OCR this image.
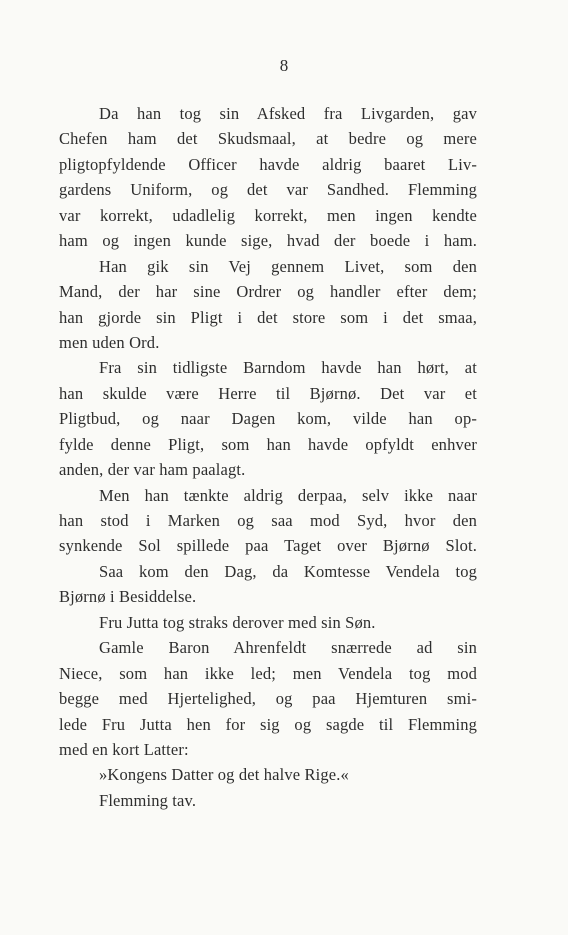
8
Da han tog sin Afsked fra Livgarden, gav
Chefen ham det Skudsmaal, at bedre og mere
pligtopfyldende Officer havde aldrig baaret Liv-
gardens Uniform, og det var Sandhed. Flemming
var korrekt, udadlelig korrekt, men ingen kendte
ham og ingen kunde sige, hvad der boede i ham.
Han gik sin Vej gennem Livet, som den
Mand, der har sine Ordrer og handler efter dem;
han gjorde sin Pligt i det store som i det smaa,
men uden Ord.
Fra sin tidligste Barndom havde han hørt, at
han skulde være Herre til Bjørnø. Det var et
Pligtbud, og naar Dagen kom, vilde han op-
fylde denne Pligt, som han havde opfyldt enhver
anden, der var ham paalagt.
Men han tænkte aldrig derpaa, selv ikke naar
han stod i Marken og saa mod Syd, hvor den
synkende Sol spillede paa Taget over Bjørnø Slot.
Saa kom den Dag, da Komtesse Vendela tog
Bjørnø i Besiddelse.
Fru Jutta tog straks derover med sin Søn.
Gamle Baron Ahrenfeldt snærrede ad sin
Niece, som han ikke led; men Vendela tog mod
begge med Hjertelighed, og paa Hjemturen smi-
lede Fru Jutta hen for sig og sagde til Flemming
med en kort Latter:
»Kongens Datter og det halve Rige.«
Flemming tav.
